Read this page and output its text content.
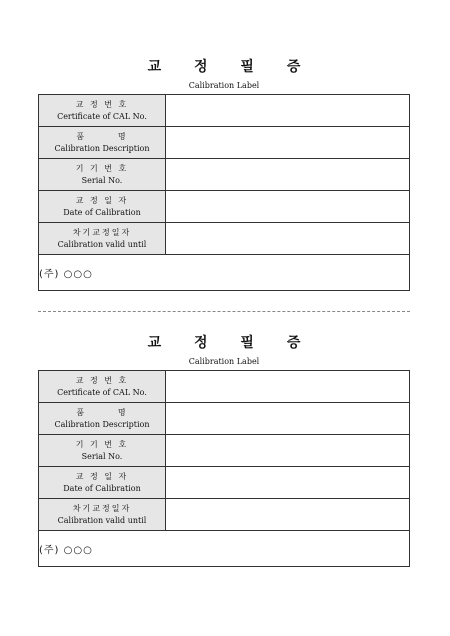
교 정 필 증
Calibration Label
교 정 번 호
Certificate of CAL No.	

품       명
Calibration Description	

기 기 번 호
Serial No.	

교 정 일 자
Date of Calibration	

차기교정일자
Calibration valid until	

(주) ○○○	
교 정 필 증
Calibration Label
교 정 번 호
Certificate of CAL No.	

품       명
Calibration Description	

기 기 번 호
Serial No.	

교 정 일 자
Date of Calibration	

차기교정일자
Calibration valid until	

(주) ○○○	
